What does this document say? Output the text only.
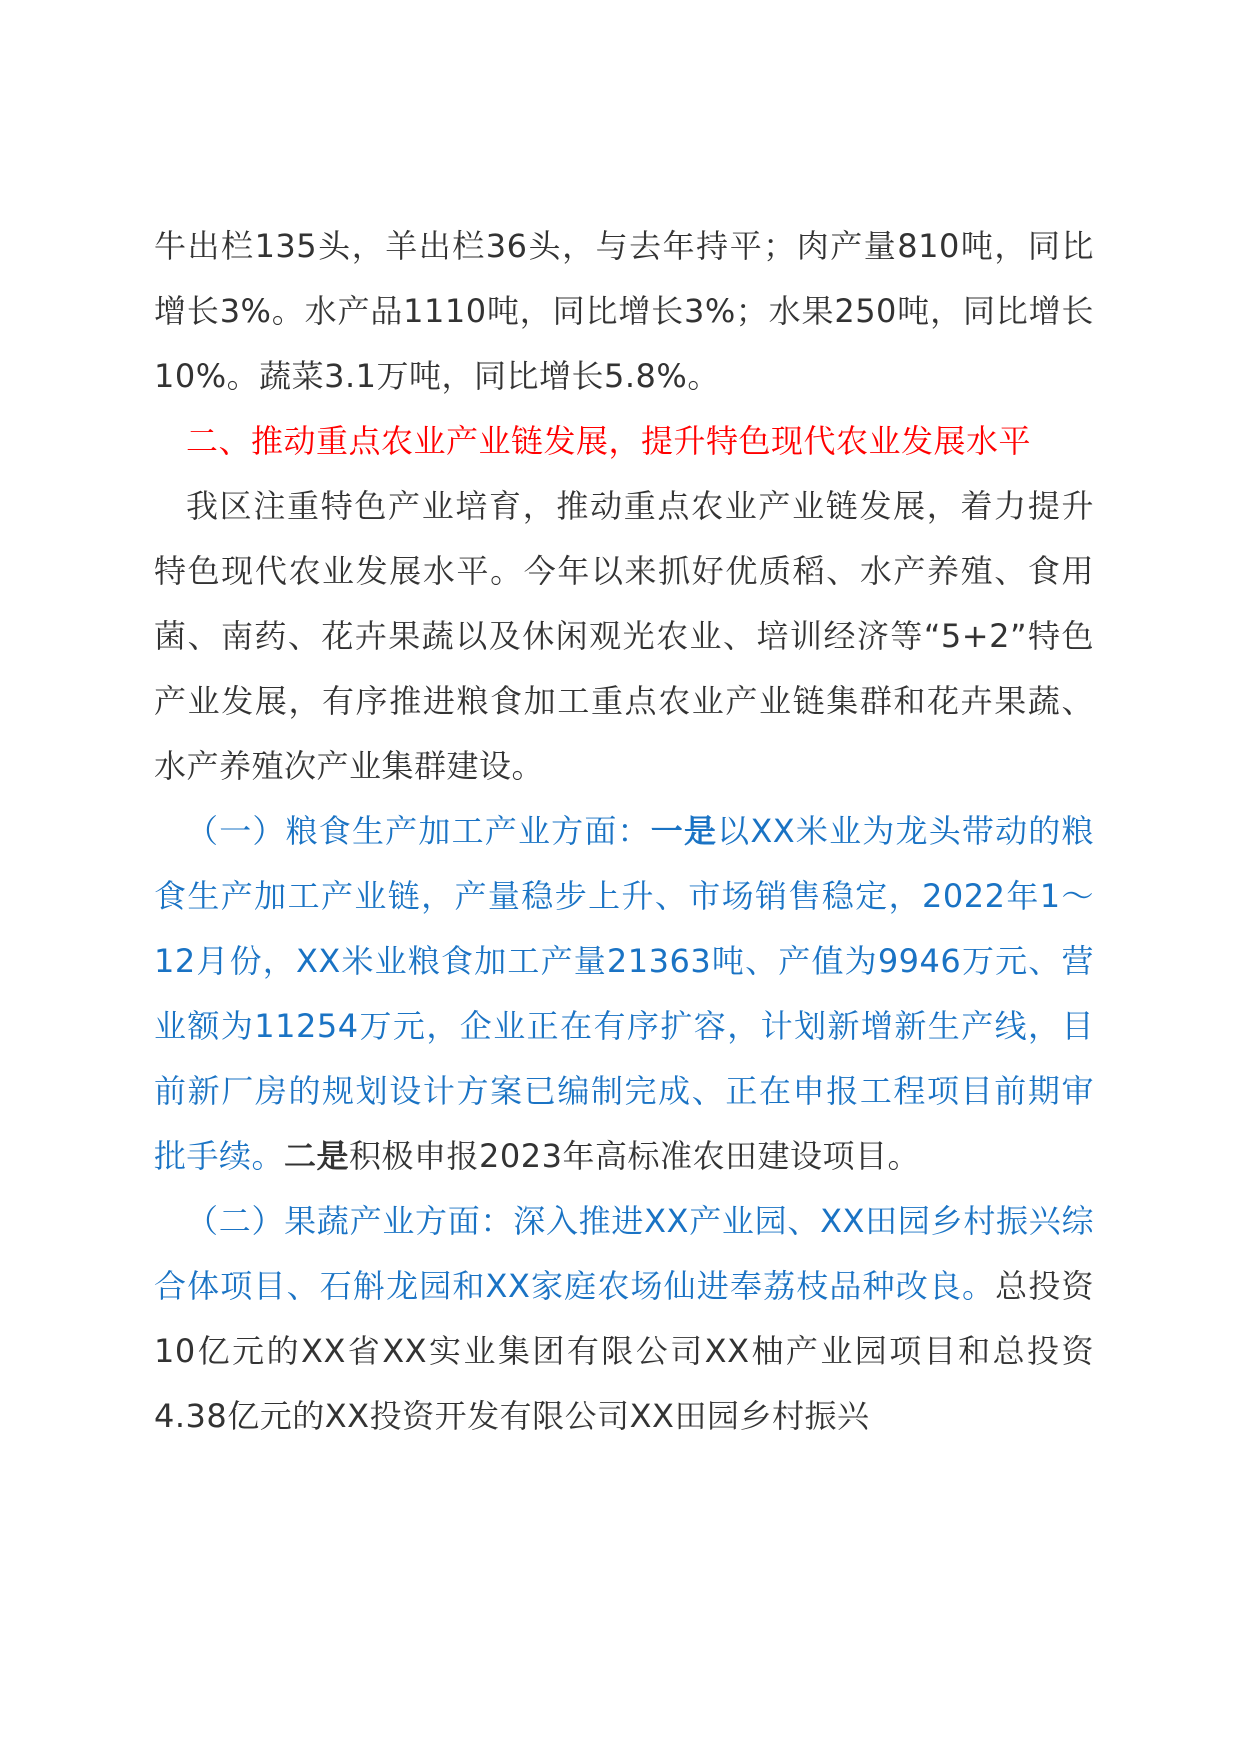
牛出栏135头，羊出栏36头，与去年持平；肉产量810吨，同比增长3%。水产品1110吨，同比增长3%；水果250吨，同比增长10%。蔬菜3.1万吨，同比增长5.8%。

二、推动重点农业产业链发展，提升特色现代农业发展水平

我区注重特色产业培育，推动重点农业产业链发展，着力提升特色现代农业发展水平。今年以来抓好优质稻、水产养殖、食用菌、南药、花卉果蔬以及休闲观光农业、培训经济等“5+2”特色产业发展，有序推进粮食加工重点农业产业链集群和花卉果蔬、水产养殖次产业集群建设。

（一）粮食生产加工产业方面：一是以XX米业为龙头带动的粮食生产加工产业链，产量稳步上升、市场销售稳定，2022年1～12月份，XX米业粮食加工产量21363吨、产值为9946万元、营业额为11254万元，企业正在有序扩容，计划新增新生产线，目前新厂房的规划设计方案已编制完成、正在申报工程项目前期审批手续。二是积极申报2023年高标准农田建设项目。

（二）果蔬产业方面：深入推进XX产业园、XX田园乡村振兴综合体项目、石斛龙园和XX家庭农场仙进奉荔枝品种改良。总投资10亿元的XX省XX实业集团有限公司XX柚产业园项目和总投资4.38亿元的XX投资开发有限公司XX田园乡村振兴
